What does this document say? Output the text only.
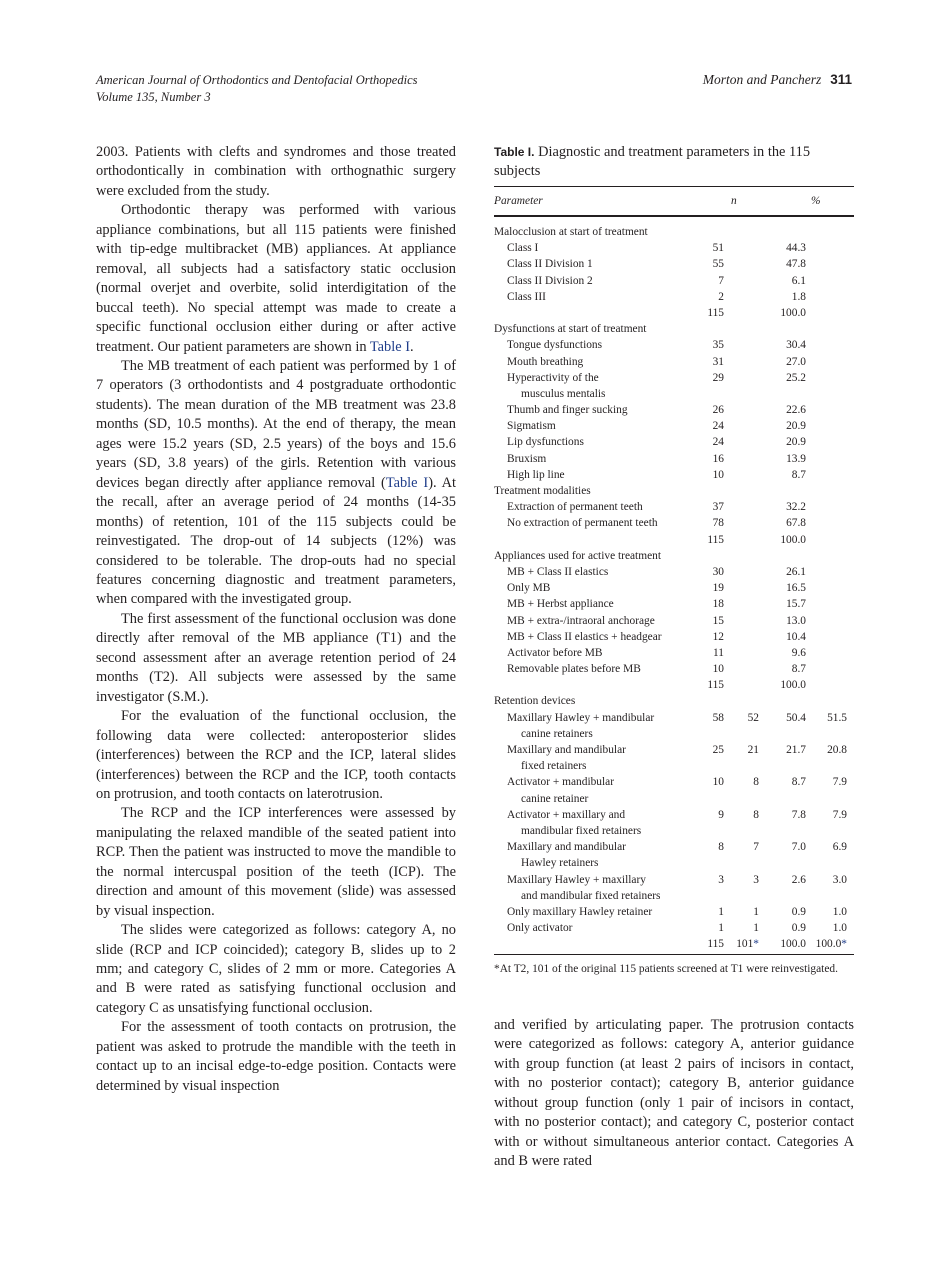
American Journal of Orthodontics and Dentofacial Orthopedics
Volume 135, Number 3
Morton and Pancherz 311

2003. Patients with clefts and syndromes and those treated orthodontically in combination with orthognathic surgery were excluded from the study.

Orthodontic therapy was performed with various appliance combinations, but all 115 patients were finished with tip-edge multibracket (MB) appliances. At appliance removal, all subjects had a satisfactory static occlusion (normal overjet and overbite, solid interdigitation of the buccal teeth). No special attempt was made to create a specific functional occlusion either during or after active treatment. Our patient parameters are shown in Table I.

The MB treatment of each patient was performed by 1 of 7 operators (3 orthodontists and 4 postgraduate orthodontic students). The mean duration of the MB treatment was 23.8 months (SD, 10.5 months). At the end of therapy, the mean ages were 15.2 years (SD, 2.5 years) of the boys and 15.6 years (SD, 3.8 years) of the girls. Retention with various devices began directly after appliance removal (Table I). At the recall, after an average period of 24 months (14-35 months) of retention, 101 of the 115 subjects could be reinvestigated. The drop-out of 14 subjects (12%) was considered to be tolerable. The drop-outs had no special features concerning diagnostic and treatment parameters, when compared with the investigated group.

The first assessment of the functional occlusion was done directly after removal of the MB appliance (T1) and the second assessment after an average retention period of 24 months (T2). All subjects were assessed by the same investigator (S.M.).

For the evaluation of the functional occlusion, the following data were collected: anteroposterior slides (interferences) between the RCP and the ICP, lateral slides (interferences) between the RCP and the ICP, tooth contacts on protrusion, and tooth contacts on laterotrusion.

The RCP and the ICP interferences were assessed by manipulating the relaxed mandible of the seated patient into RCP. Then the patient was instructed to move the mandible to the normal intercuspal position of the teeth (ICP). The direction and amount of this movement (slide) was assessed by visual inspection.

The slides were categorized as follows: category A, no slide (RCP and ICP coincided); category B, slides up to 2 mm; and category C, slides of 2 mm or more. Categories A and B were rated as satisfying functional occlusion and category C as unsatisfying functional occlusion.

For the assessment of tooth contacts on protrusion, the patient was asked to protrude the mandible with the teeth in contact up to an incisal edge-to-edge position. Contacts were determined by visual inspection

Table I. Diagnostic and treatment parameters in the 115 subjects
Parameter	n	%
Malocclusion at start of treatment
Class I	51	44.3
Class II Division 1	55	47.8
Class II Division 2	7	6.1
Class III	2	1.8
115	100.0
Dysfunctions at start of treatment
Tongue dysfunctions	35	30.4
Mouth breathing	31	27.0
Hyperactivity of the	29	25.2
musculus mentalis
Thumb and finger sucking	26	22.6
Sigmatism	24	20.9
Lip dysfunctions	24	20.9
Bruxism	16	13.9
High lip line	10	8.7
Treatment modalities
Extraction of permanent teeth	37	32.2
No extraction of permanent teeth	78	67.8
115	100.0
Appliances used for active treatment
MB + Class II elastics	30	26.1
Only MB	19	16.5
MB + Herbst appliance	18	15.7
MB + extra-/intraoral anchorage	15	13.0
MB + Class II elastics + headgear	12	10.4
Activator before MB	11	9.6
Removable plates before MB	10	8.7
115	100.0
Retention devices
Maxillary Hawley + mandibular	58 52 50.4 51.5
canine retainers
Maxillary and mandibular	25 21 21.7 20.8
fixed retainers
Activator + mandibular	10	8	8.7 7.9
canine retainer
Activator + maxillary and	9	8	7.8 7.9
mandibular fixed retainers
Maxillary and mandibular	8	7	7.0 6.9
Hawley retainers
Maxillary Hawley + maxillary	3	3	2.6 3.0
and mandibular fixed retainers
Only maxillary Hawley retainer	1	1	0.9 1.0
Only activator	1	1	0.9 1.0
115 101* 100.0 100.0*
*At T2, 101 of the original 115 patients screened at T1 were reinvestigated.

and verified by articulating paper. The protrusion contacts were categorized as follows: category A, anterior guidance with group function (at least 2 pairs of incisors in contact, with no posterior contact); category B, anterior guidance without group function (only 1 pair of incisors in contact, with no posterior contact); and category C, posterior contact with or without simultaneous anterior contact. Categories A and B were rated
